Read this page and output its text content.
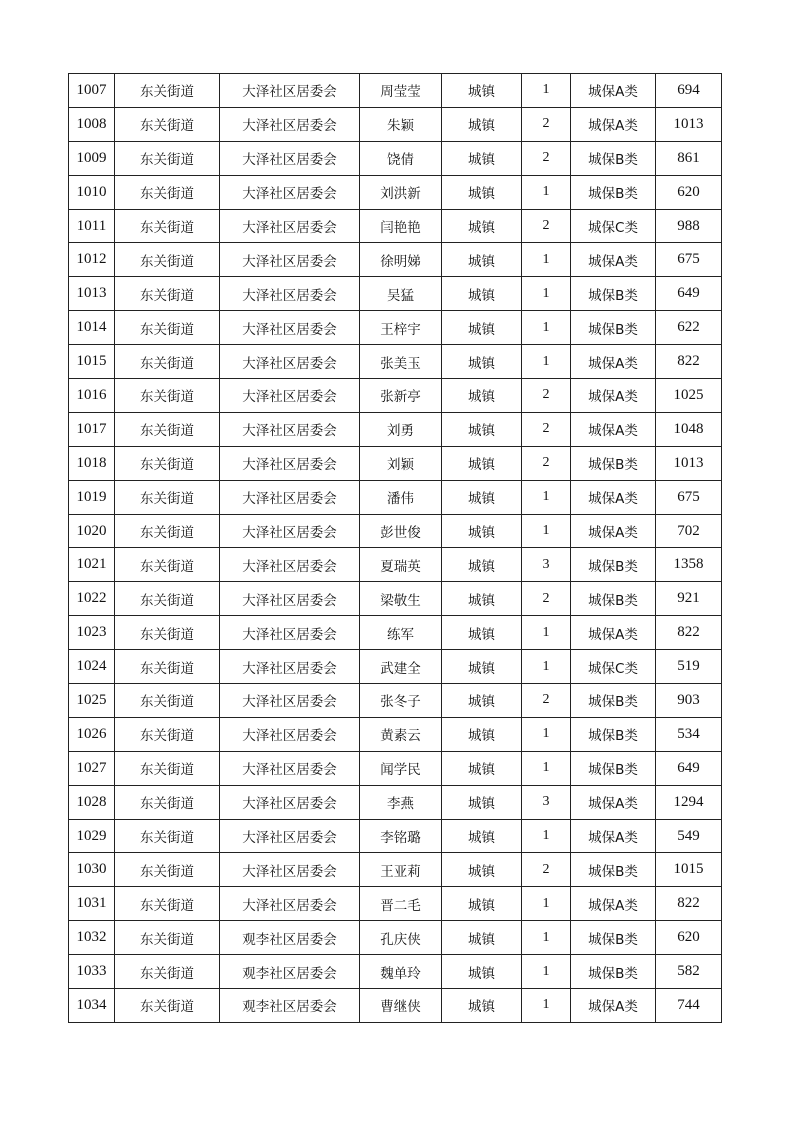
1007	东关街道	大泽社区居委会	周莹莹	城镇	1	城保A类	694
1008	东关街道	大泽社区居委会	朱颖	城镇	2	城保A类	1013
1009	东关街道	大泽社区居委会	饶倩	城镇	2	城保B类	861
1010	东关街道	大泽社区居委会	刘洪新	城镇	1	城保B类	620
1011	东关街道	大泽社区居委会	闫艳艳	城镇	2	城保C类	988
1012	东关街道	大泽社区居委会	徐明娣	城镇	1	城保A类	675
1013	东关街道	大泽社区居委会	吴猛	城镇	1	城保B类	649
1014	东关街道	大泽社区居委会	王梓宇	城镇	1	城保B类	622
1015	东关街道	大泽社区居委会	张美玉	城镇	1	城保A类	822
1016	东关街道	大泽社区居委会	张新亭	城镇	2	城保A类	1025
1017	东关街道	大泽社区居委会	刘勇	城镇	2	城保A类	1048
1018	东关街道	大泽社区居委会	刘颖	城镇	2	城保B类	1013
1019	东关街道	大泽社区居委会	潘伟	城镇	1	城保A类	675
1020	东关街道	大泽社区居委会	彭世俊	城镇	1	城保A类	702
1021	东关街道	大泽社区居委会	夏瑞英	城镇	3	城保B类	1358
1022	东关街道	大泽社区居委会	梁敬生	城镇	2	城保B类	921
1023	东关街道	大泽社区居委会	练军	城镇	1	城保A类	822
1024	东关街道	大泽社区居委会	武建全	城镇	1	城保C类	519
1025	东关街道	大泽社区居委会	张冬子	城镇	2	城保B类	903
1026	东关街道	大泽社区居委会	黄素云	城镇	1	城保B类	534
1027	东关街道	大泽社区居委会	闻学民	城镇	1	城保B类	649
1028	东关街道	大泽社区居委会	李燕	城镇	3	城保A类	1294
1029	东关街道	大泽社区居委会	李铭璐	城镇	1	城保A类	549
1030	东关街道	大泽社区居委会	王亚莉	城镇	2	城保B类	1015
1031	东关街道	大泽社区居委会	晋二毛	城镇	1	城保A类	822
1032	东关街道	观李社区居委会	孔庆侠	城镇	1	城保B类	620
1033	东关街道	观李社区居委会	魏单玲	城镇	1	城保B类	582
1034	东关街道	观李社区居委会	曹继侠	城镇	1	城保A类	744
